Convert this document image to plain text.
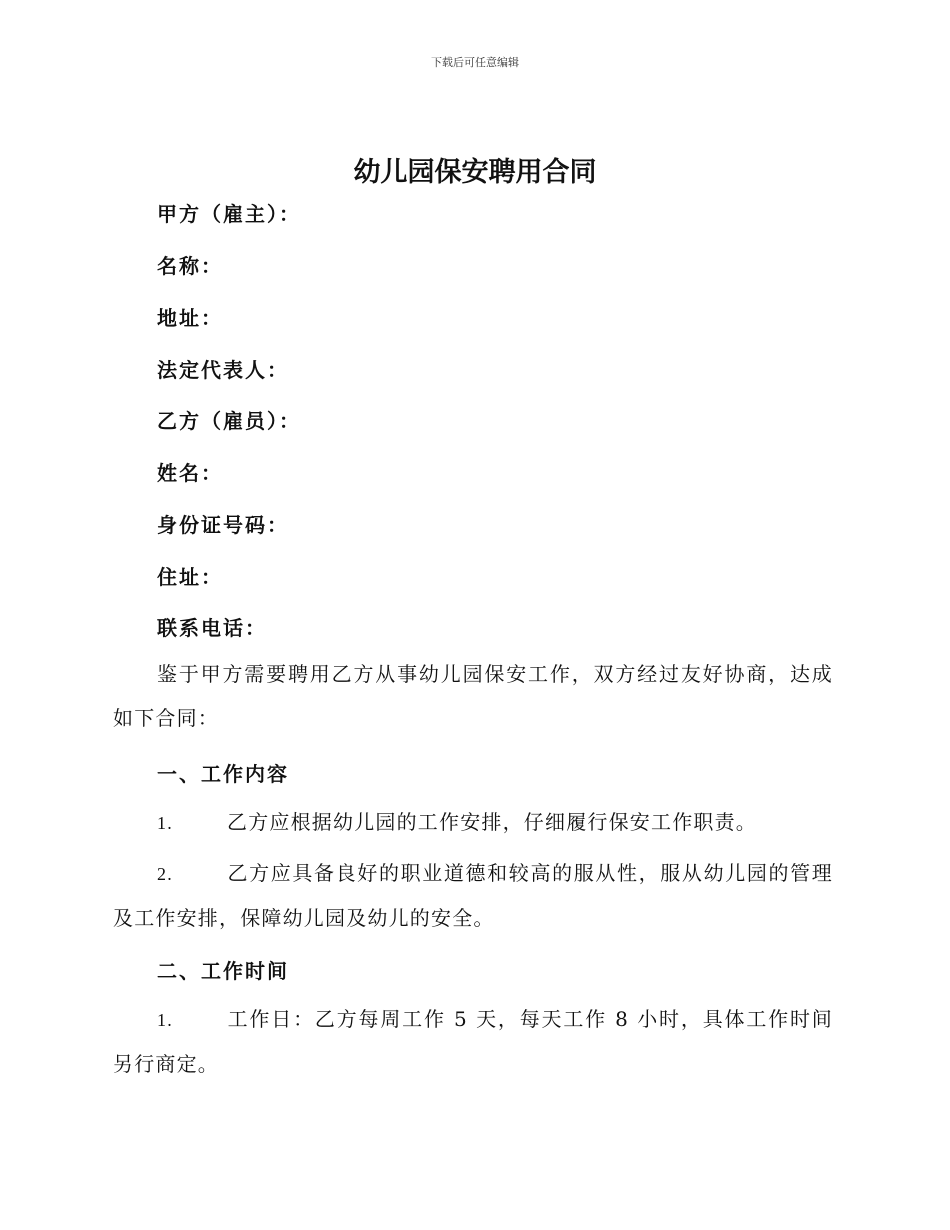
下载后可任意编辑
幼儿园保安聘用合同
甲方（雇主）：
名称：
地址：
法定代表人：
乙方（雇员）：
姓名：
身份证号码：
住址：
联系电话：
鉴于甲方需要聘用乙方从事幼儿园保安工作，双方经过友好协商，达成如下合同：
一、工作内容
1.	乙方应根据幼儿园的工作安排，仔细履行保安工作职责。
2.	乙方应具备良好的职业道德和较高的服从性，服从幼儿园的管理及工作安排，保障幼儿园及幼儿的安全。
二、工作时间
1.	工作日：乙方每周工作 5 天，每天工作 8 小时，具体工作时间另行商定。
